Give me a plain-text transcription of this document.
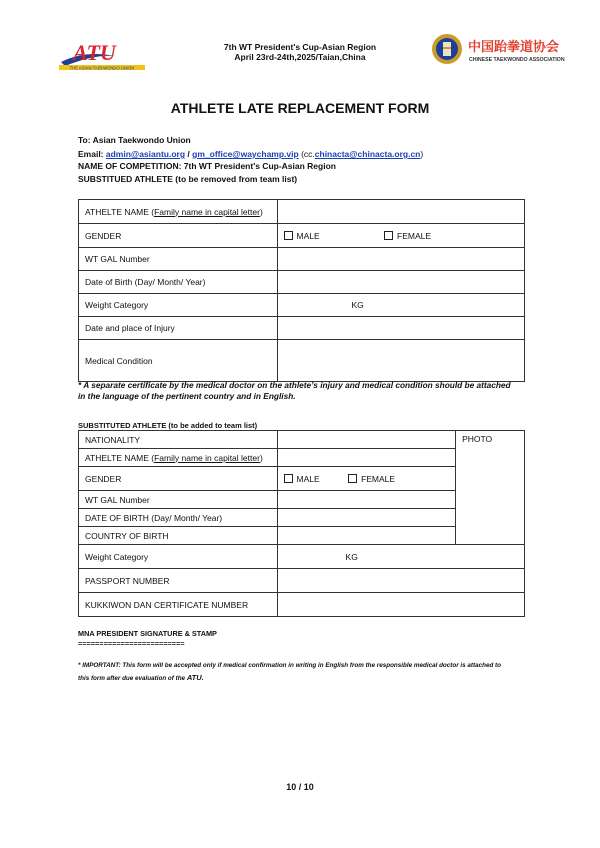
ATU
THE ASIAN TAEKWONDO UNION
7th WT President's Cup-Asian Region
April 23rd-24th,2025/Taian,China
中国跆拳道协会
CHINESE TAEKWONDO ASSOCIATION
ATHLETE LATE REPLACEMENT FORM
To: Asian Taekwondo Union
Email: admin@asiantu.org / gm_office@waychamp.vip (cc.chinacta@chinacta.org.cn)
NAME OF COMPETITION: 7th WT President's Cup-Asian Region
SUBSTITUED ATHLETE (to be removed from team list)
ATHELTE NAME (Family name in capital letter)	
GENDER	MALE FEMALE
WT GAL Number	
Date of Birth (Day/ Month/ Year)	
Weight Category	KG
Date and place of Injury	
Medical Condition	
* A separate certificate by the medical doctor on the athlete’s injury and medical condition should be attached in the language of the pertinent country and in English.
SUBSTITUTED ATHLETE (to be added to team list)
NATIONALITY		PHOTO
ATHELTE NAME (Family name in capital letter)		
GENDER	MALE FEMALE	
WT GAL Number		
DATE OF BIRTH (Day/ Month/ Year)		
COUNTRY OF BIRTH		
Weight Category	KG	
PASSPORT NUMBER		
KUKKIWON DAN CERTIFICATE NUMBER		
MNA PRESIDENT SIGNATURE & STAMP
=========================
* IMPORTANT: This form will be accepted only if medical confirmation in writing in English from the responsible medical doctor is attached to this form after due evaluation of the ATU.
10 / 10
